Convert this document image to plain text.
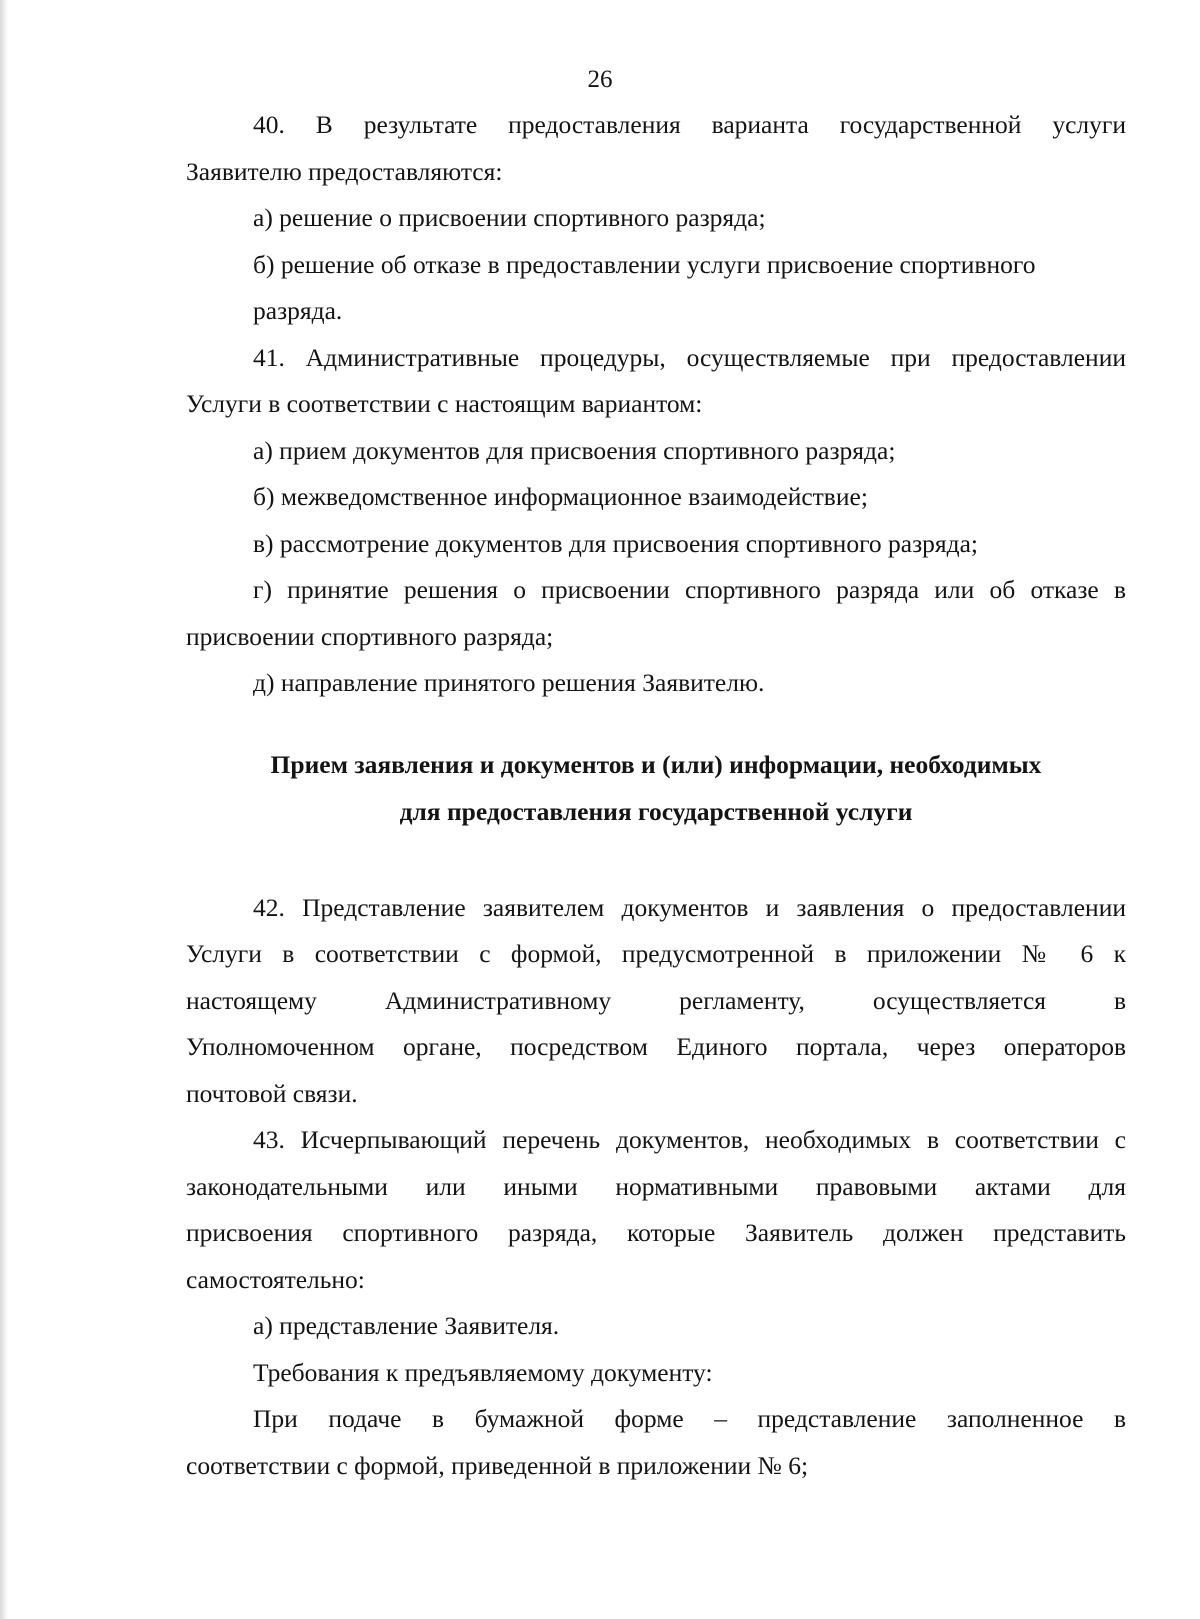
26

40. В результате предоставления варианта государственной услуги

Заявителю предоставляются:

а) решение о присвоении спортивного разряда;

б) решение об отказе в предоставлении услуги присвоение спортивного

разряда.

41. Административные процедуры, осуществляемые при предоставлении

Услуги в соответствии с настоящим вариантом:

а) прием документов для присвоения спортивного разряда;

б) межведомственное информационное взаимодействие;

в) рассмотрение документов для присвоения спортивного разряда;

г) принятие решения о присвоении спортивного разряда или об отказе в

присвоении спортивного разряда;

д) направление принятого решения Заявителю.

Прием заявления и документов и (или) информации, необходимых
для предоставления государственной услуги

42. Представление заявителем документов и заявления о предоставлении

Услуги в соответствии с формой, предусмотренной в приложении № 6 к

настоящему Административному регламенту, осуществляется в

Уполномоченном органе, посредством Единого портала, через операторов

почтовой связи.

43. Исчерпывающий перечень документов, необходимых в соответствии с

законодательными или иными нормативными правовыми актами для

присвоения спортивного разряда, которые Заявитель должен представить

самостоятельно:

а) представление Заявителя.

Требования к предъявляемому документу:

При подаче в бумажной форме – представление заполненное в

соответствии с формой, приведенной в приложении № 6;
